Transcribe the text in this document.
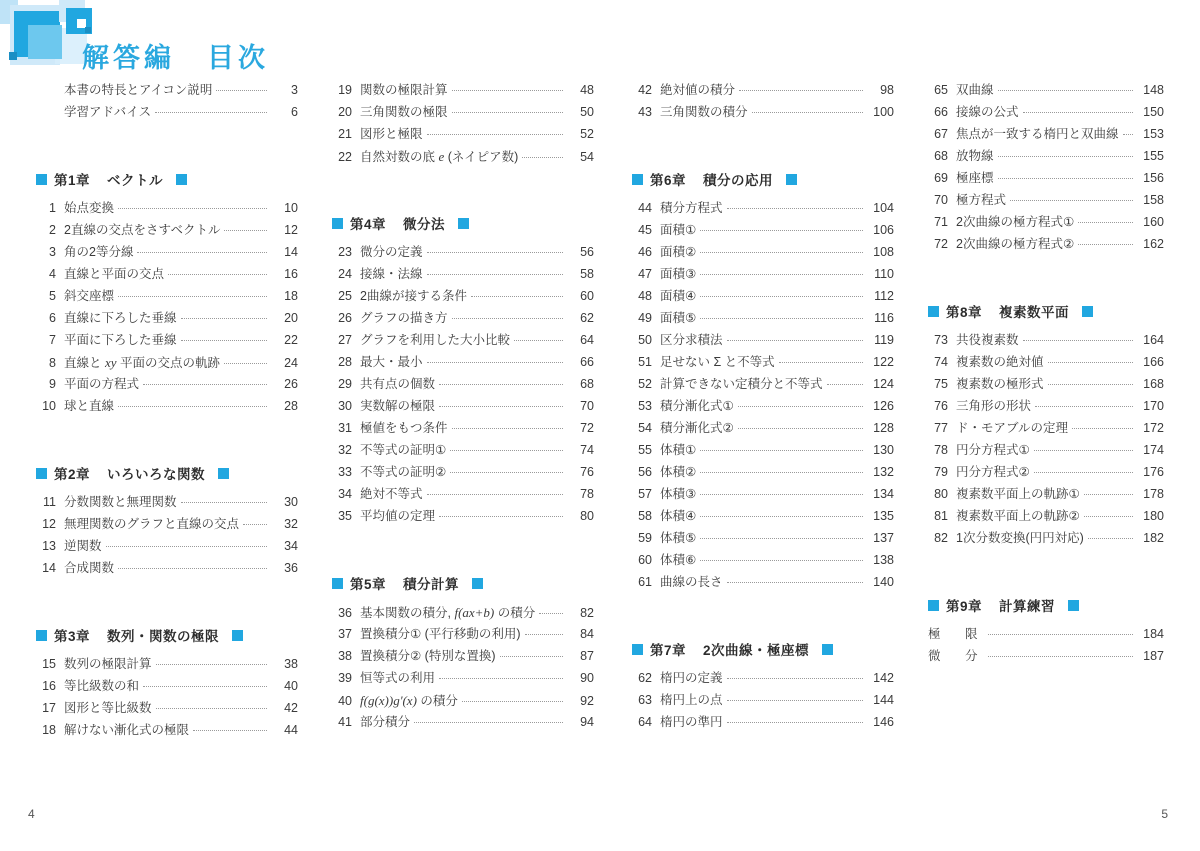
解答編 目次
本書の特長とアイコン説明	3
学習アドバイス	6
第1章 ベクトル
1 始点変換	10
2 2直線の交点をさすベクトル	12
3 角の2等分線	14
4 直線と平面の交点	16
5 斜交座標	18
6 直線に下ろした垂線	20
7 平面に下ろした垂線	22
8 直線と xy 平面の交点の軌跡	24
9 平面の方程式	26
10 球と直線	28
第2章 いろいろな関数
11 分数関数と無理関数	30
12 無理関数のグラフと直線の交点	32
13 逆関数	34
14 合成関数	36
第3章 数列・関数の極限
15 数列の極限計算	38
16 等比級数の和	40
17 図形と等比級数	42
18 解けない漸化式の極限	44
19 関数の極限計算	48
20 三角関数の極限	50
21 図形と極限	52
22 自然対数の底 e (ネイピア数)	54
第4章 微分法
23 微分の定義	56
24 接線・法線	58
25 2曲線が接する条件	60
26 グラフの描き方	62
27 グラフを利用した大小比較	64
28 最大・最小	66
29 共有点の個数	68
30 実数解の極限	70
31 極値をもつ条件	72
32 不等式の証明①	74
33 不等式の証明②	76
34 絶対不等式	78
35 平均値の定理	80
第5章 積分計算
36 基本関数の積分, f(ax+b) の積分	82
37 置換積分① (平行移動の利用)	84
38 置換積分② (特別な置換)	87
39 恒等式の利用	90
40 f(g(x))g'(x) の積分	92
41 部分積分	94
42 絶対値の積分	98
43 三角関数の積分	100
第6章 積分の応用
44 積分方程式	104
45 面積①	106
46 面積②	108
47 面積③	110
48 面積④	112
49 面積⑤	116
50 区分求積法	119
51 足せない Σ と不等式	122
52 計算できない定積分と不等式	124
53 積分漸化式①	126
54 積分漸化式②	128
55 体積①	130
56 体積②	132
57 体積③	134
58 体積④	135
59 体積⑤	137
60 体積⑥	138
61 曲線の長さ	140
第7章 2次曲線・極座標
62 楕円の定義	142
63 楕円上の点	144
64 楕円の準円	146
65 双曲線	148
66 接線の公式	150
67 焦点が一致する楕円と双曲線	153
68 放物線	155
69 極座標	156
70 極方程式	158
71 2次曲線の極方程式①	160
72 2次曲線の極方程式②	162
第8章 複素数平面
73 共役複素数	164
74 複素数の絶対値	166
75 複素数の極形式	168
76 三角形の形状	170
77 ド・モアブルの定理	172
78 円分方程式①	174
79 円分方程式②	176
80 複素数平面上の軌跡①	178
81 複素数平面上の軌跡②	180
82 1次分数変換(円円対応)	182
第9章 計算練習
極　限	184
微　分	187
4	5
